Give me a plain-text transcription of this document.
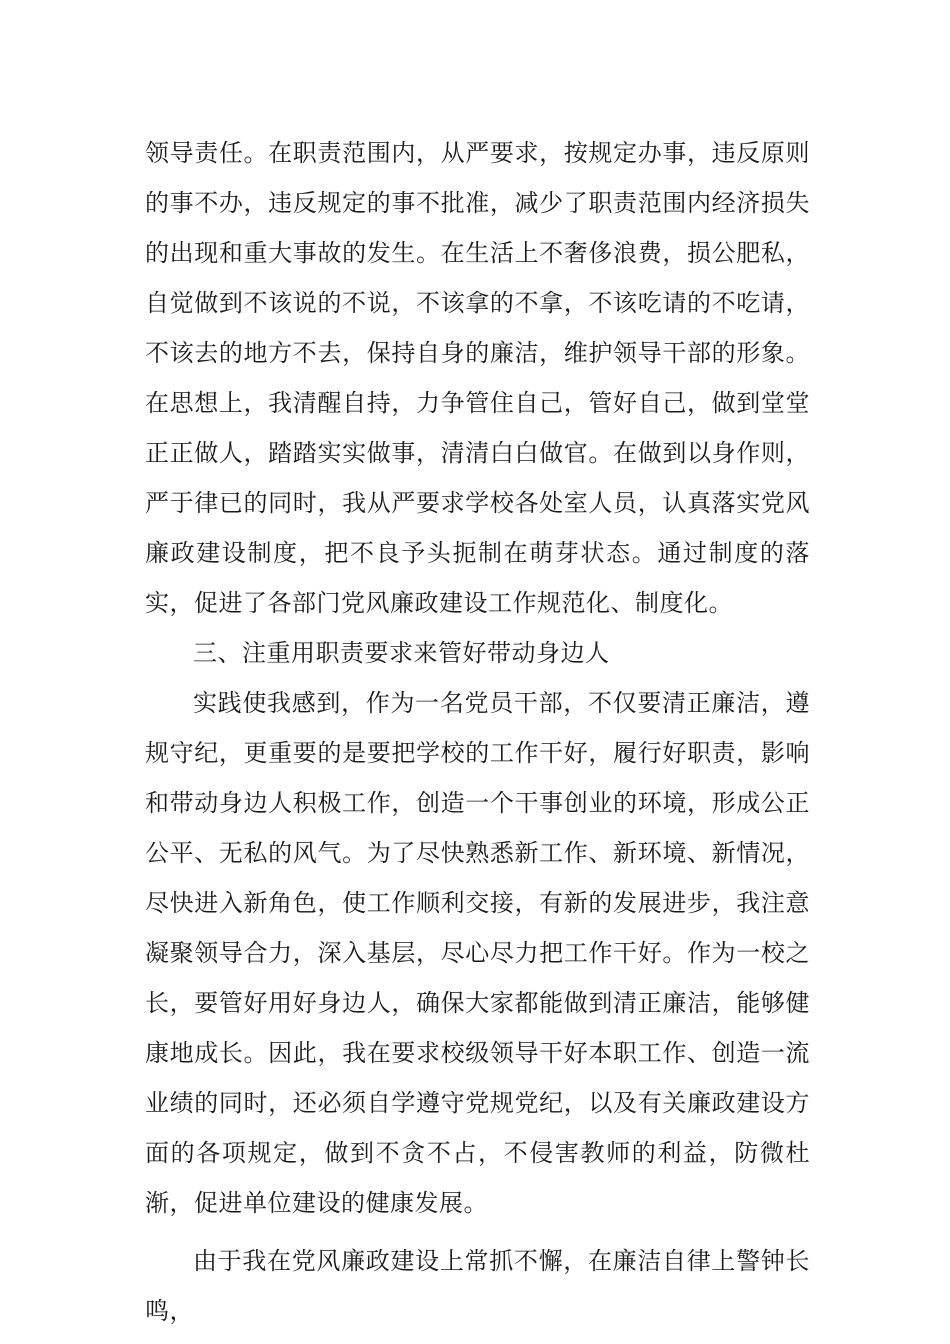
领导责任。在职责范围内，从严要求，按规定办事，违反原则的事不办，违反规定的事不批准，减少了职责范围内经济损失的出现和重大事故的发生。在生活上不奢侈浪费，损公肥私，自觉做到不该说的不说，不该拿的不拿，不该吃请的不吃请，不该去的地方不去，保持自身的廉洁，维护领导干部的形象。在思想上，我清醒自持，力争管住自己，管好自己，做到堂堂正正做人，踏踏实实做事，清清白白做官。在做到以身作则，严于律已的同时，我从严要求学校各处室人员，认真落实党风廉政建设制度，把不良予头扼制在萌芽状态。通过制度的落实，促进了各部门党风廉政建设工作规范化、制度化。

三、注重用职责要求来管好带动身边人

实践使我感到，作为一名党员干部，不仅要清正廉洁，遵规守纪，更重要的是要把学校的工作干好，履行好职责，影响和带动身边人积极工作，创造一个干事创业的环境，形成公正公平、无私的风气。为了尽快熟悉新工作、新环境、新情况，尽快进入新角色，使工作顺利交接，有新的发展进步，我注意凝聚领导合力，深入基层，尽心尽力把工作干好。作为一校之长，要管好用好身边人，确保大家都能做到清正廉洁，能够健康地成长。因此，我在要求校级领导干好本职工作、创造一流业绩的同时，还必须自学遵守党规党纪，以及有关廉政建设方面的各项规定，做到不贪不占，不侵害教师的利益，防微杜渐，促进单位建设的健康发展。

由于我在党风廉政建设上常抓不懈，在廉洁自律上警钟长鸣，
